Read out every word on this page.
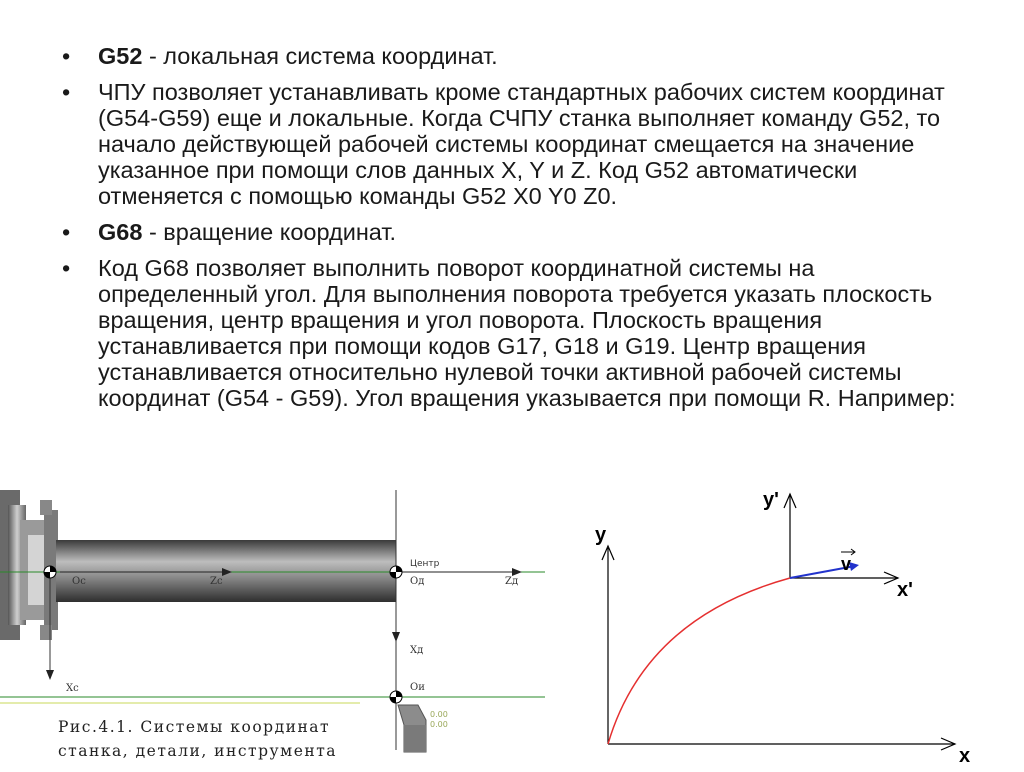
• G52 - локальная система координат.
• ЧПУ позволяет устанавливать кроме стандартных рабочих систем координат (G54-G59) еще и локальные. Когда СЧПУ станка выполняет команду G52, то начало действующей рабочей системы координат смещается на значение указанное при помощи слов данных X, Y и Z. Код G52 автоматически отменяется с помощью команды G52 X0 Y0 Z0.
• G68 - вращение координат.
• Код G68 позволяет выполнить поворот координатной системы на определенный угол. Для выполнения поворота требуется указать плоскость вращения, центр вращения и угол поворота. Плоскость вращения устанавливается при помощи кодов G17, G18 и G19. Центр вращения устанавливается относительно нулевой точки активной рабочей системы координат (G54 - G59). Угол вращения указывается при помощи R. Например:
Ос	Zc
Xc
Центр
Од	Zд
Xд
Ои
0.00
0.00
Рис.4.1. Системы координат
станка, детали, инструмента
y
x
y'
x'
v
